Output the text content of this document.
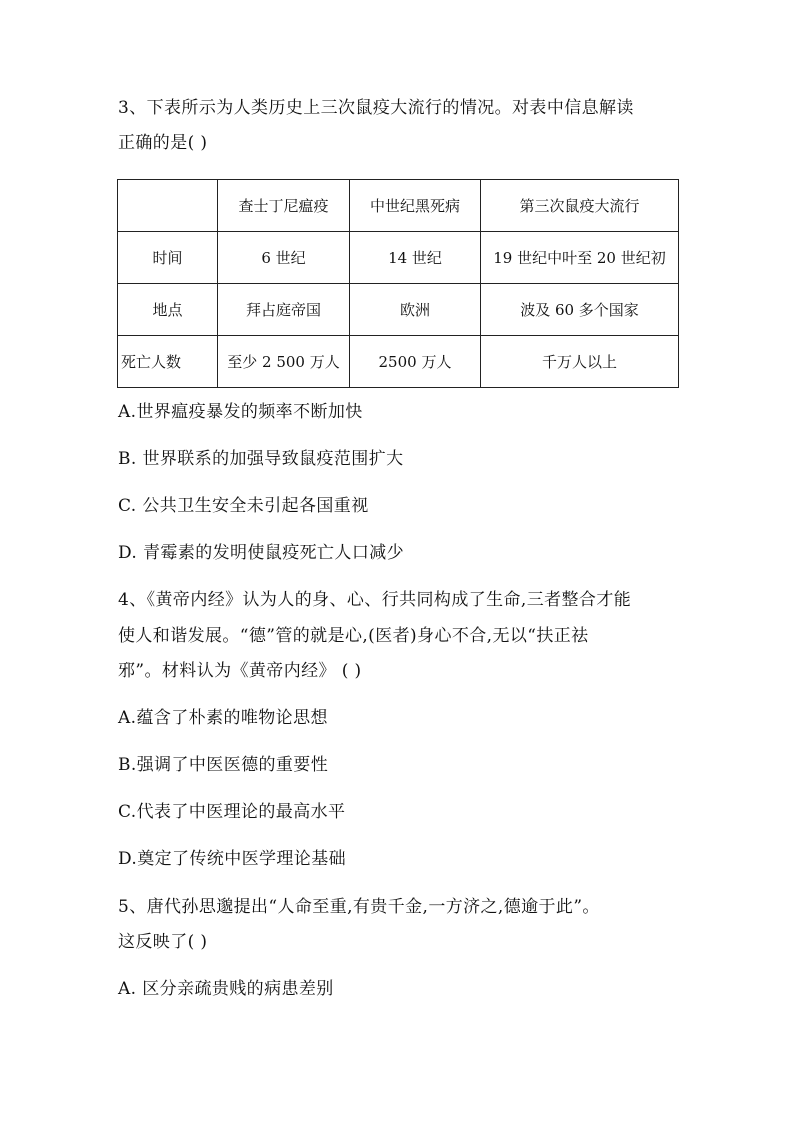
3、下表所示为人类历史上三次鼠疫大流行的情况。对表中信息解读
正确的是( )
	查士丁尼瘟疫	中世纪黑死病	第三次鼠疫大流行
时间	6 世纪	14 世纪	19 世纪中叶至 20 世纪初
地点	拜占庭帝国	欧洲	波及 60 多个国家
死亡人数	至少 2 500 万人	2500 万人	千万人以上
A.世界瘟疫暴发的频率不断加快
B. 世界联系的加强导致鼠疫范围扩大
C. 公共卫生安全未引起各国重视
D. 青霉素的发明使鼠疫死亡人口减少
4、《黄帝内经》认为人的身、心、行共同构成了生命,三者整合才能
使人和谐发展。“德”管的就是心,(医者)身心不合,无以“扶正祛
邪”。材料认为《黄帝内经》 ( )
A.蕴含了朴素的唯物论思想
B.强调了中医医德的重要性
C.代表了中医理论的最高水平
D.奠定了传统中医学理论基础
5、唐代孙思邈提出“人命至重,有贵千金,一方济之,德逾于此”。
这反映了( )
A. 区分亲疏贵贱的病患差别
